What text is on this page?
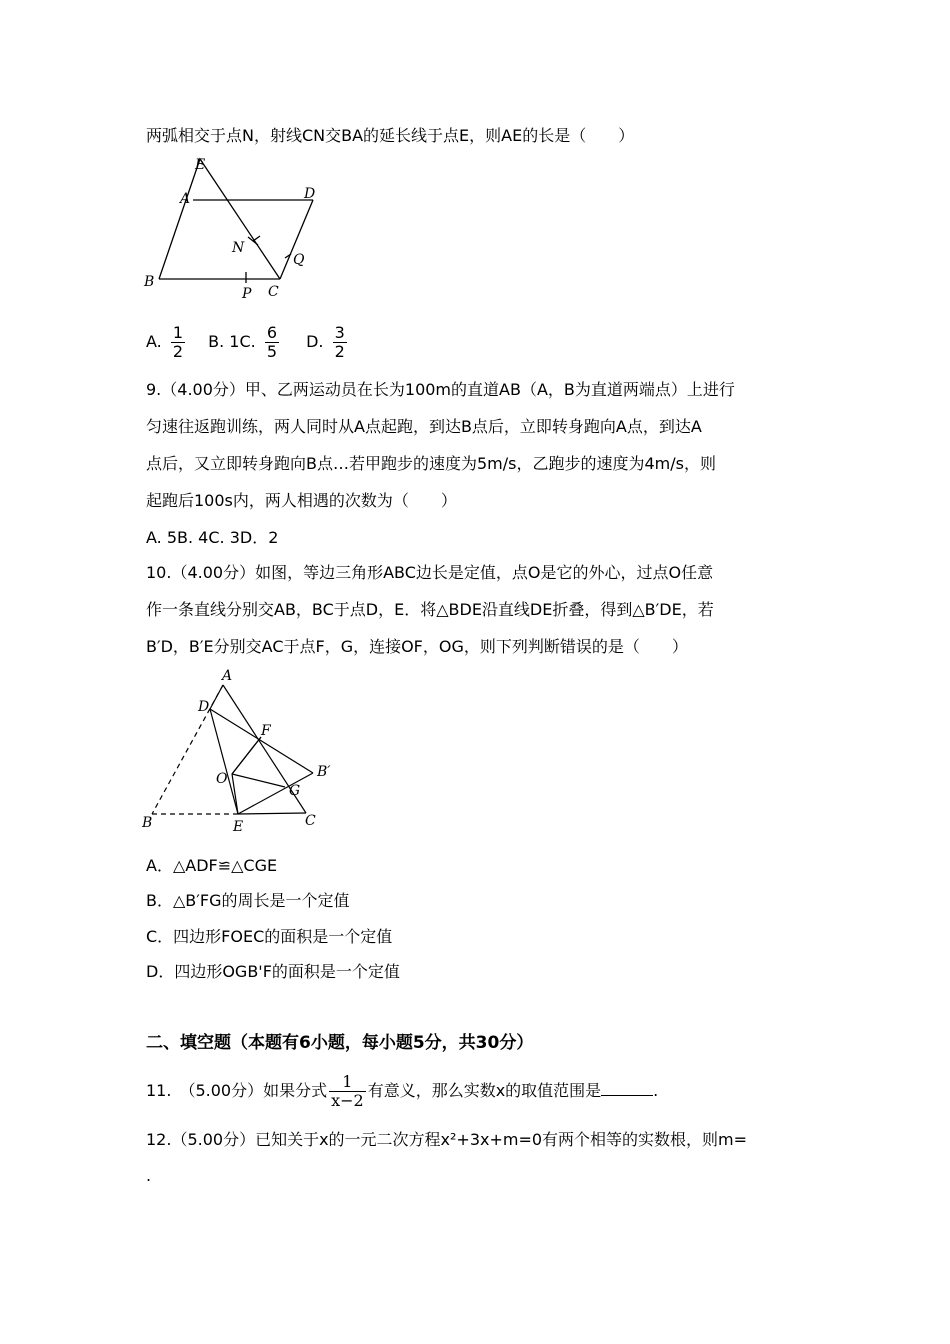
两弧相交于点N，射线CN交BA的延长线于点E，则AE的长是（　　）
E
A	D
N
Q
B
P C
A. $\frac{1}{2} B$. 1C. $\frac{6}{5} D$. $\frac{3}{2}$
9.（4.00分）甲、乙两运动员在长为100m的直道AB（A，B为直道两端点）上进行
匀速往返跑训练，两人同时从A点起跑，到达B点后，立即转身跑向A点，到达A
点后，又立即转身跑向B点…若甲跑步的速度为5m/s，乙跑步的速度为4m/s，则
起跑后100s内，两人相遇的次数为（　　）
A. 5B. 4C. 3D．2
10.（4.00分）如图，等边三角形ABC边长是定值，点O是它的外心，过点O任意
作一条直线分别交AB，BC于点D，E．将△BDE沿直线DE折叠，得到△B′DE，若
B′D，B′E分别交AC于点F，G，连接OF，OG，则下列判断错误的是（　　）
A
D
F
O	B′
G
B	E	C
A．△ADF≌△CGE
B．△B′FG的周长是一个定值
C．四边形FOEC的面积是一个定值
D．四边形OGB'F的面积是一个定值
二、填空题（本题有6小题，每小题5分，共30分）
11.　（5.00分）如果分式 $\frac{1}{x-2}$ 有意义，那么实数x的取值范围是	.
12.（5.00分）已知关于x的一元二次方程x²+3x+m=0有两个相等的实数根，则m=
.
